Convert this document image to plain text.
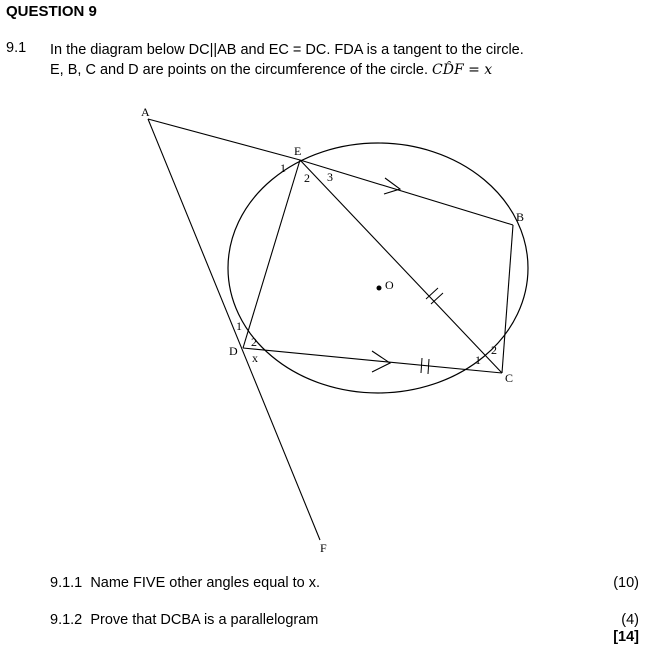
QUESTION 9
9.1 In the diagram below DC||AB and EC = DC. FDA is a tangent to the circle.
E, B, C and D are points on the circumference of the circle. CD̂F = x
A
E
B
C
D
F
O
1
2 3
1
2
x	1
2
9.1.1 Name FIVE other angles equal to x.	(10)
9.1.2 Prove that DCBA is a parallelogram	(4)
[14]
